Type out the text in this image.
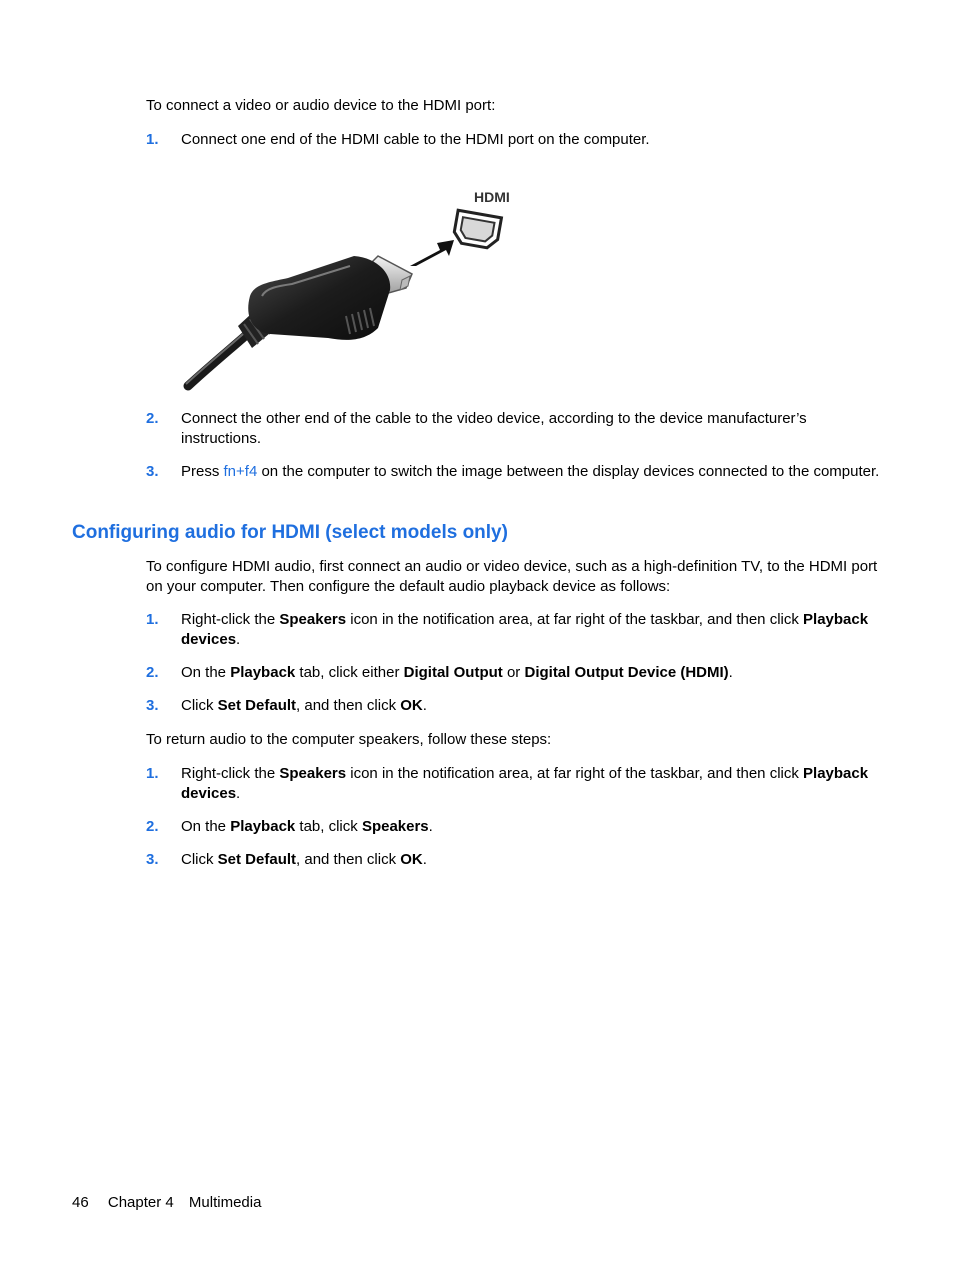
To connect a video or audio device to the HDMI port:

1. Connect one end of the HDMI cable to the HDMI port on the computer.
HDMI
2. Connect the other end of the cable to the video device, according to the device manufacturer’s instructions.
3. Press fn+f4 on the computer to switch the image between the display devices connected to the computer.
Configuring audio for HDMI (select models only)

To configure HDMI audio, first connect an audio or video device, such as a high-definition TV, to the HDMI port on your computer. Then configure the default audio playback device as follows:

1. Right-click the Speakers icon in the notification area, at far right of the taskbar, and then click Playback devices.
2. On the Playback tab, click either Digital Output or Digital Output Device (HDMI).
3. Click Set Default, and then click OK.

To return audio to the computer speakers, follow these steps:

1. Right-click the Speakers icon in the notification area, at far right of the taskbar, and then click Playback devices.
2. On the Playback tab, click Speakers.
3. Click Set Default, and then click OK.
46 Chapter 4 Multimedia
